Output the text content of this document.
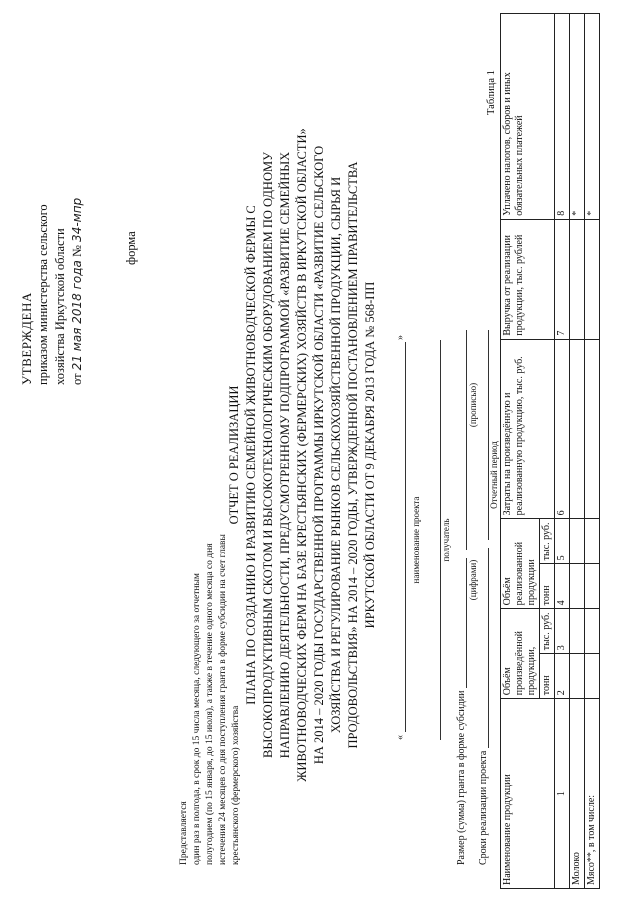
УТВЕРЖДЕНА приказом министерства сельского хозяйства Иркутской области от 21 мая 2018 года № 34-мпр
форма
Представляется один раз в полгода, в срок до 15 числа месяца, следующего за отчетным полугодием (по 15 января, до 15 июля), а также в течение одного месяца со дня истечения 24 месяцев со дня поступления гранта в форме субсидии на счет главы крестьянского (фермерского) хозяйства
ОТЧЕТ О РЕАЛИЗАЦИИ ПЛАНА ПО СОЗДАНИЮ И РАЗВИТИЮ СЕМЕЙНОЙ ЖИВОТНОВОДЧЕСКОЙ ФЕРМЫ С ВЫСОКОПРОДУКТИВНЫМ СКОТОМ И ВЫСОКОТЕХНОЛОГИЧЕСКИМ ОБОРУДОВАНИЕМ ПО ОДНОМУ НАПРАВЛЕНИЮ ДЕЯТЕЛЬНОСТИ, ПРЕДУСМОТРЕННОМУ ПОДПРОГРАММОЙ «РАЗВИТИЕ СЕМЕЙНЫХ ЖИВОТНОВОДЧЕСКИХ ФЕРМ НА БАЗЕ КРЕСТЬЯНСКИХ (ФЕРМЕРСКИХ) ХОЗЯЙСТВ В ИРКУТСКОЙ ОБЛАСТИ» НА 2014 – 2020 ГОДЫ ГОСУДАРСТВЕННОЙ ПРОГРАММЫ ИРКУТСКОЙ ОБЛАСТИ «РАЗВИТИЕ СЕЛЬСКОГО ХОЗЯЙСТВА И РЕГУЛИРОВАНИЕ РЫНКОВ СЕЛЬСКОХОЗЯЙСТВЕННОЙ ПРОДУКЦИИ, СЫРЬЯ И ПРОДОВОЛЬСТВИЯ» НА 2014 – 2020 ГОДЫ, УТВЕРЖДЕННОЙ ПОСТАНОВЛЕНИЕМ ПРАВИТЕЛЬСТВА ИРКУТСКОЙ ОБЛАСТИ ОТ 9 ДЕКАБРЯ 2013 ГОДА № 568-ПП
«  »
наименование проекта получатель
Размер (сумма) гранта в форме субсидии
(цифрами)
(прописью)
Сроки реализации проекта
Отчетный период
Таблица 1
Наименование продукции	Объём произведённой продукции,		Объём реализованной продукции		Затраты на произведённую и реализованную продукцию, тыс. руб.	Выручка от реализации продукции, тыс. рублей	Уплачено налогов, сборов и иных обязательных платежей
	тонн	тыс. руб.	тонн	тыс. руб.			
1	2	3	4	5	6	7	8
Молоко							*
Мясо**, в том числе:							*
